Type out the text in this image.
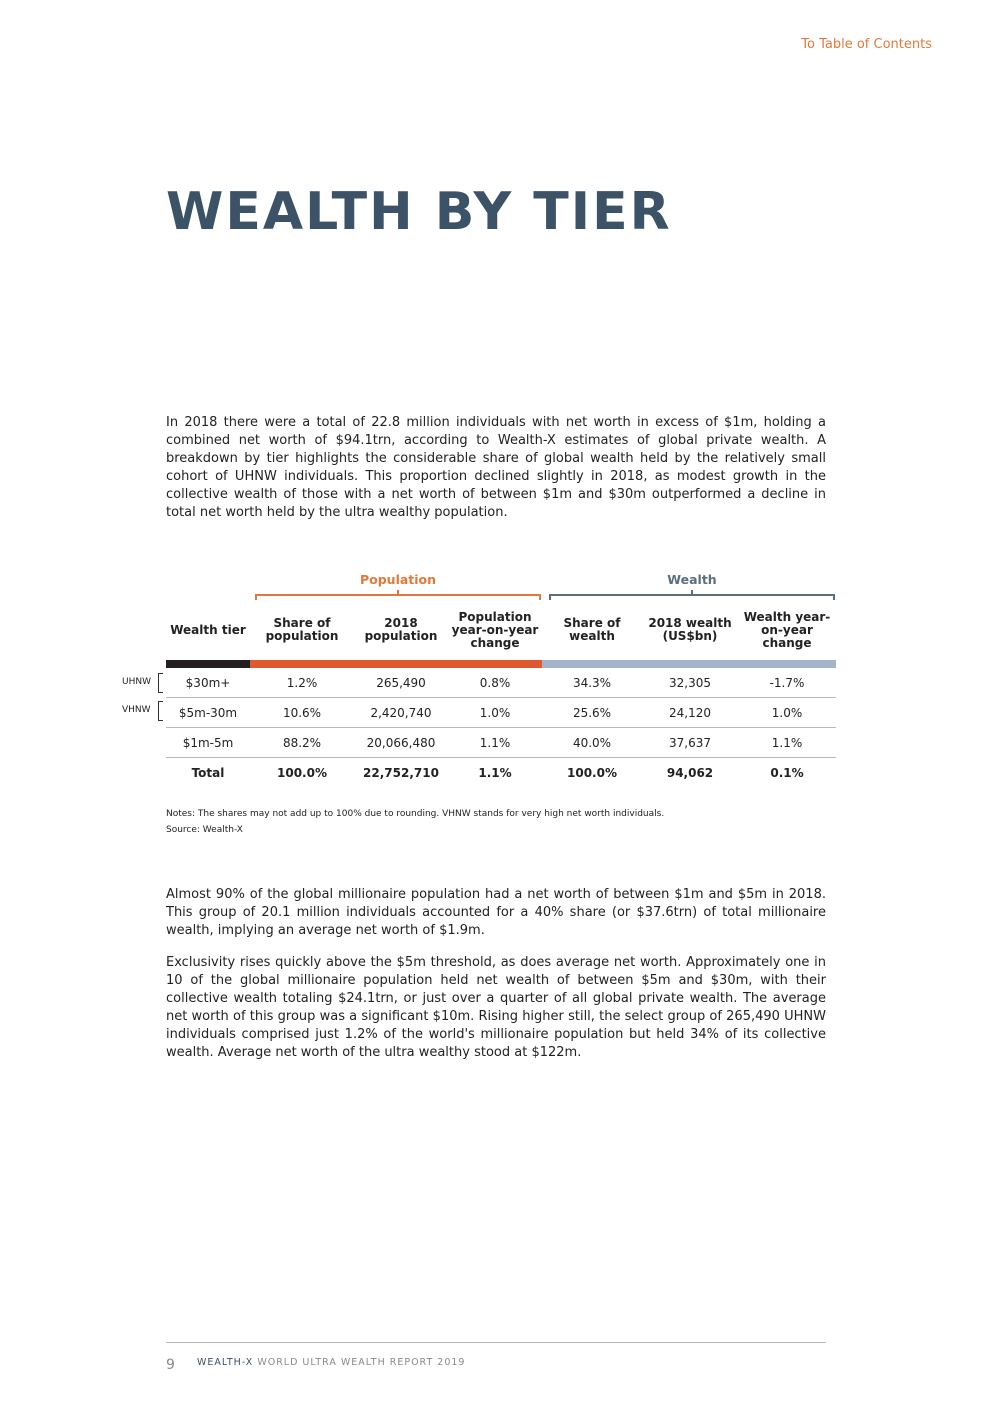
To Table of Contents
WEALTH BY TIER

In 2018 there were a total of 22.8 million individuals with net worth in excess of $1m, holding a combined net worth of $94.1trn, according to Wealth-X estimates of global private wealth. A breakdown by tier highlights the considerable share of global wealth held by the relatively small cohort of UHNW individuals. This proportion declined slightly in 2018, as modest growth in the collective wealth of those with a net worth of between $1m and $30m outperformed a decline in total net worth held by the ultra wealthy population.

Population	Wealth
UHNW
VHNW
Wealth tier	Share of population	2018 population	Population year-on-year change	Share of wealth	2018 wealth (US$bn)	Wealth year-on-year change

$30m+	1.2%	265,490	0.8%	34.3%	32,305	-1.7%
$5m-30m	10.6%	2,420,740	1.0%	25.6%	24,120	1.0%
$1m-5m	88.2%	20,066,480	1.1%	40.0%	37,637	1.1%
Total	100.0%	22,752,710	1.1%	100.0%	94,062	0.1%

Notes: The shares may not add up to 100% due to rounding. VHNW stands for very high net worth individuals.

Source: Wealth-X

Almost 90% of the global millionaire population had a net worth of between $1m and $5m in 2018. This group of 20.1 million individuals accounted for a 40% share (or $37.6trn) of total millionaire wealth, implying an average net worth of $1.9m.

Exclusivity rises quickly above the $5m threshold, as does average net worth. Approximately one in 10 of the global millionaire population held net wealth of between $5m and $30m, with their collective wealth totaling $24.1trn, or just over a quarter of all global private wealth. The average net worth of this group was a significant $10m. Rising higher still, the select group of 265,490 UHNW individuals comprised just 1.2% of the world's millionaire population but held 34% of its collective wealth. Average net worth of the ultra wealthy stood at $122m.

9 WEALTH-X WORLD ULTRA WEALTH REPORT 2019
